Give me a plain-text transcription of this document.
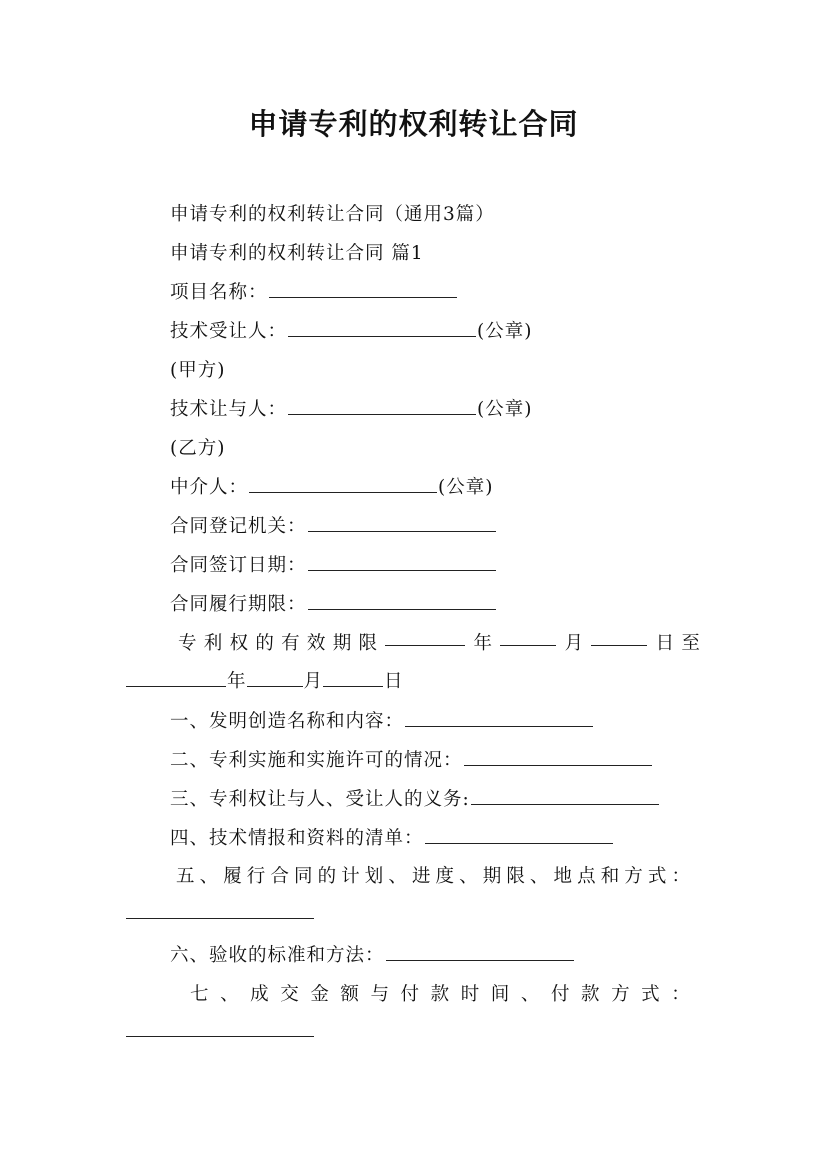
申请专利的权利转让合同
申请专利的权利转让合同（通用3篇）
申请专利的权利转让合同 篇1
项目名称：
技术受让人：	(公章)
(甲方)
技术让与人：	(公章)
(乙方)
中介人：	(公章)
合同登记机关：
合同签订日期：
合同履行期限：
专 利 权 的 有 效 期 限	年	月	日 至
年	月	日
一、发明创造名称和内容：
二、专利实施和实施许可的情况：
三、专利权让与人、受让人的义务:
四、技术情报和资料的清单：
五 、 履 行 合 同 的 计 划 、 进 度 、 期 限 、 地 点 和 方 式 ：
六、验收的标准和方法：
七 、 成 交 金 额 与 付 款 时 间 、 付 款 方 式 ：
